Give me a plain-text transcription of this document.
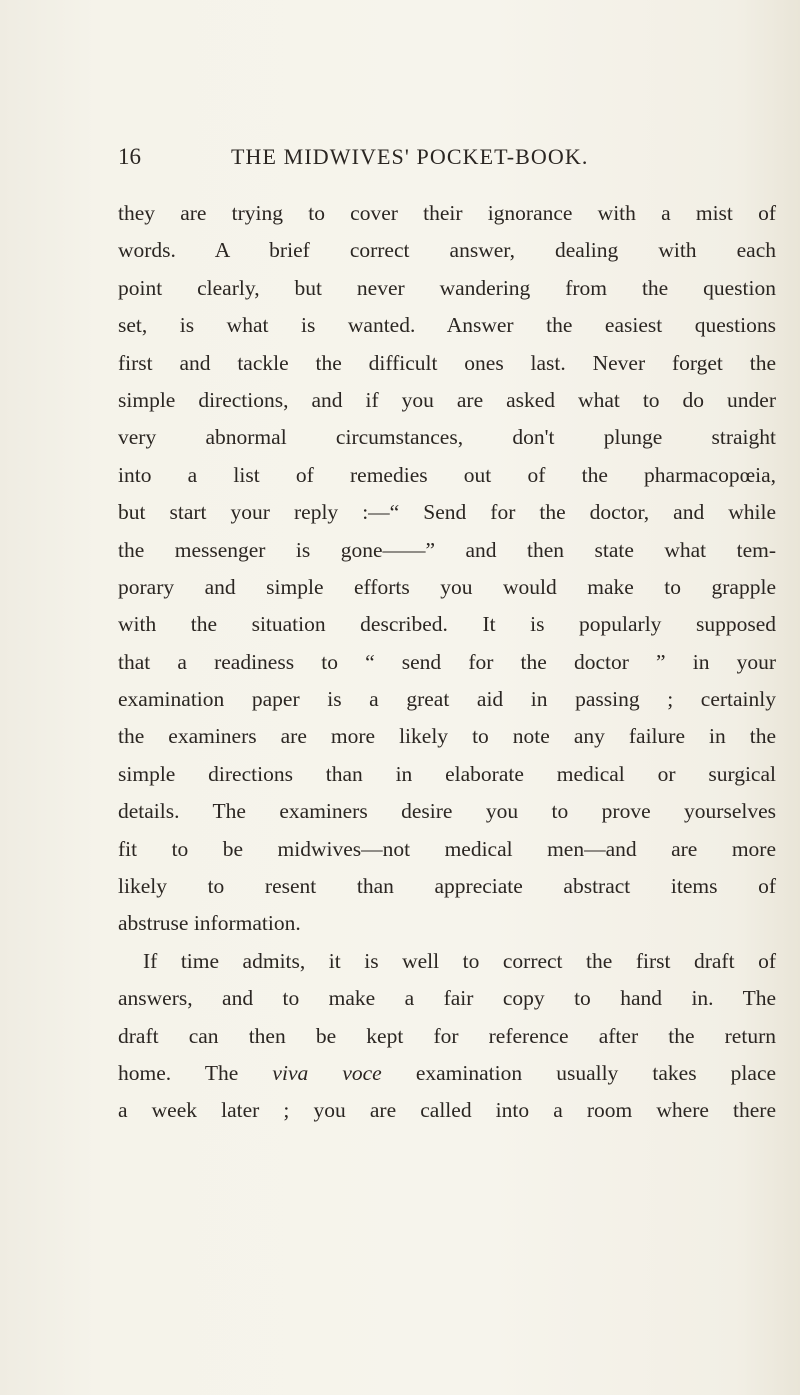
16	THE MIDWIVES' POCKET-BOOK.
they are trying to cover their ignorance with a mist of
words. A brief correct answer, dealing with each
point clearly, but never wandering from the question
set, is what is wanted. Answer the easiest questions
first and tackle the difficult ones last. Never forget the
simple directions, and if you are asked what to do under
very abnormal circumstances, don't plunge straight
into a list of remedies out of the pharmacopœia,
but start your reply :—“ Send for the doctor, and while
the messenger is gone——” and then state what tem-
porary and simple efforts you would make to grapple
with the situation described. It is popularly supposed
that a readiness to “ send for the doctor ” in your
examination paper is a great aid in passing ; certainly
the examiners are more likely to note any failure in the
simple directions than in elaborate medical or surgical
details. The examiners desire you to prove yourselves
fit to be midwives—not medical men—and are more
likely to resent than appreciate abstract items of
abstruse information.
If time admits, it is well to correct the first draft of
answers, and to make a fair copy to hand in. The
draft can then be kept for reference after the return
home. The viva voce examination usually takes place
a week later ; you are called into a room where there
